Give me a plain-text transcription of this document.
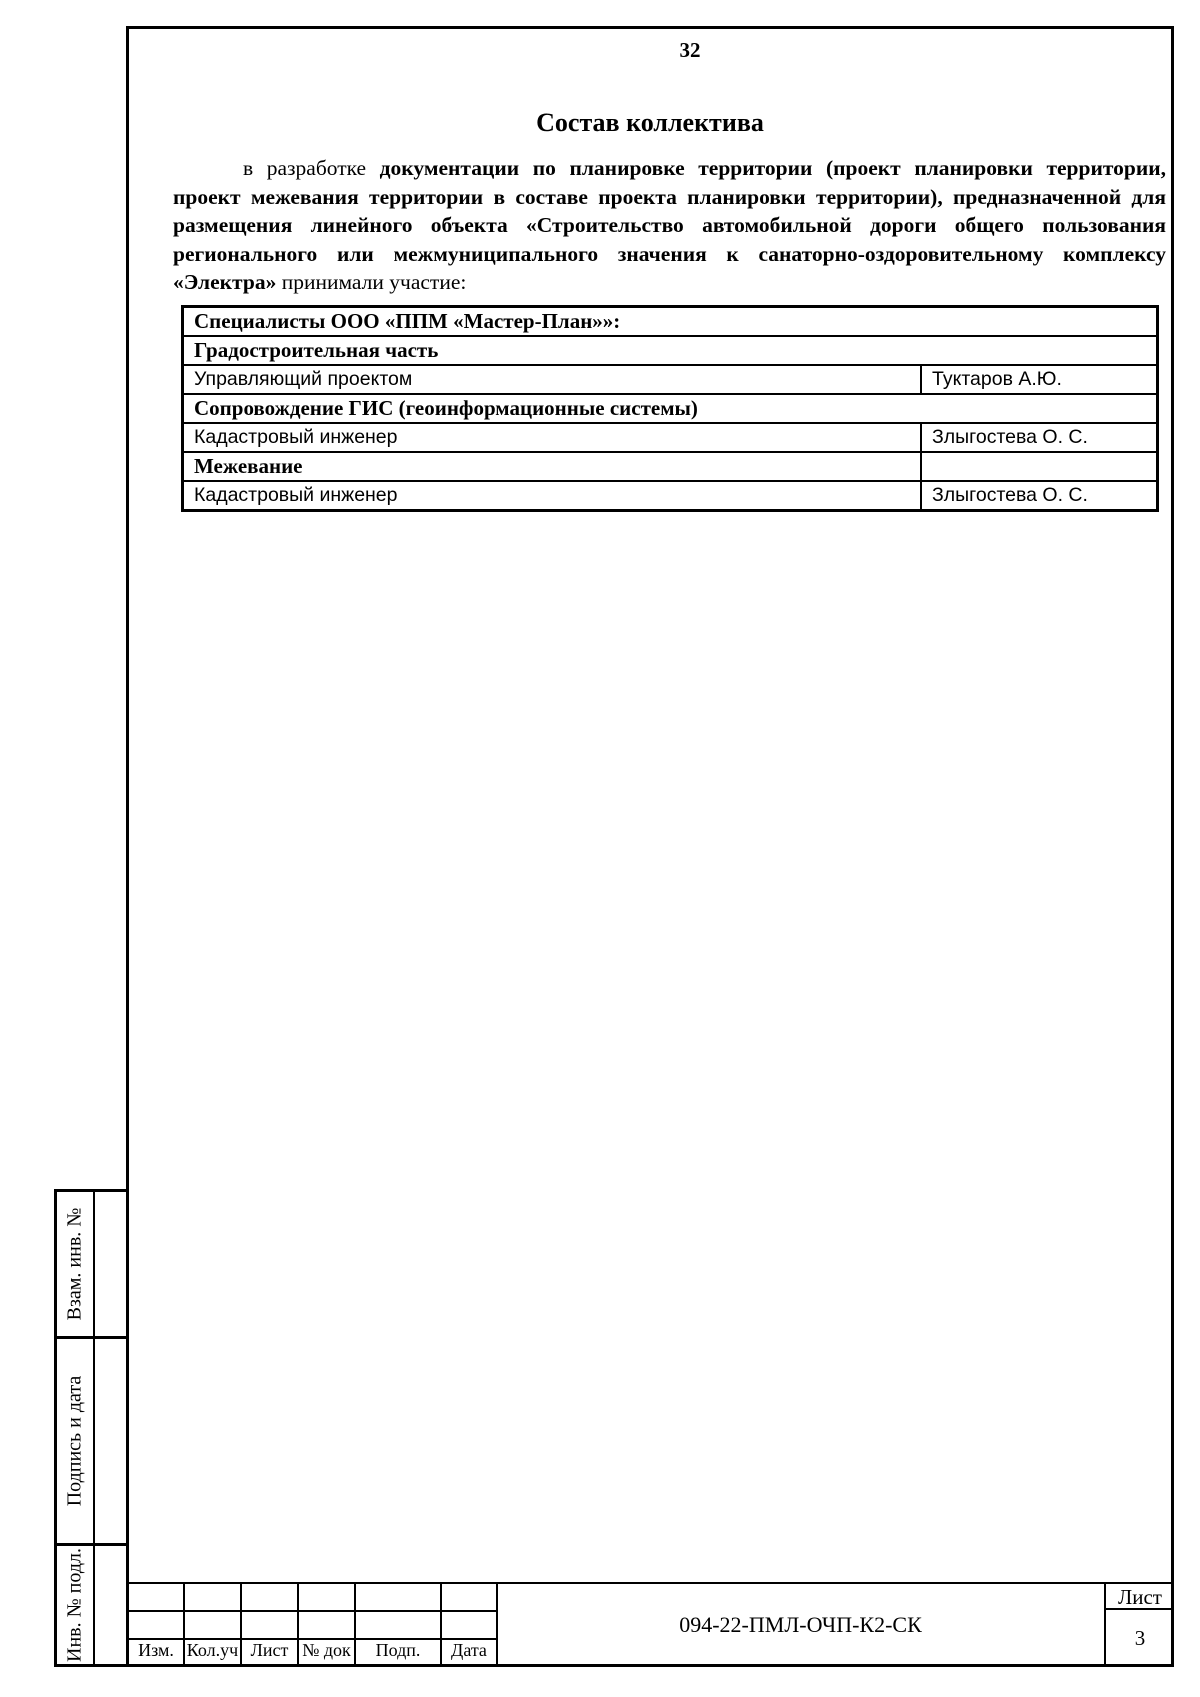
32
Состав коллектива

в разработке документации по планировке территории (проект планировки территории, проект межевания территории в составе проекта планировки территории), предназначенной для размещения линейного объекта «Строительство автомобильной дороги общего пользования регионального или межмуниципального значения к санаторно-оздоровительному комплексу «Электра» принимали участие:

Специалисты ООО «ППМ «Мастер-План»»:	
Градостроительная часть	
Управляющий проектом	Туктаров А.Ю.
Сопровождение ГИС (геоинформационные системы)	
Кадастровый инженер	Злыгостева О. С.
Межевание	
Кадастровый инженер	Злыгостева О. С.
Взам. инв. №
Подпись и дата
Инв. № подл.	Изм. Кол.уч Лист № док	Подп.	Дата
094-22-ПМЛ-ОЧП-К2-СК
Лист
3
